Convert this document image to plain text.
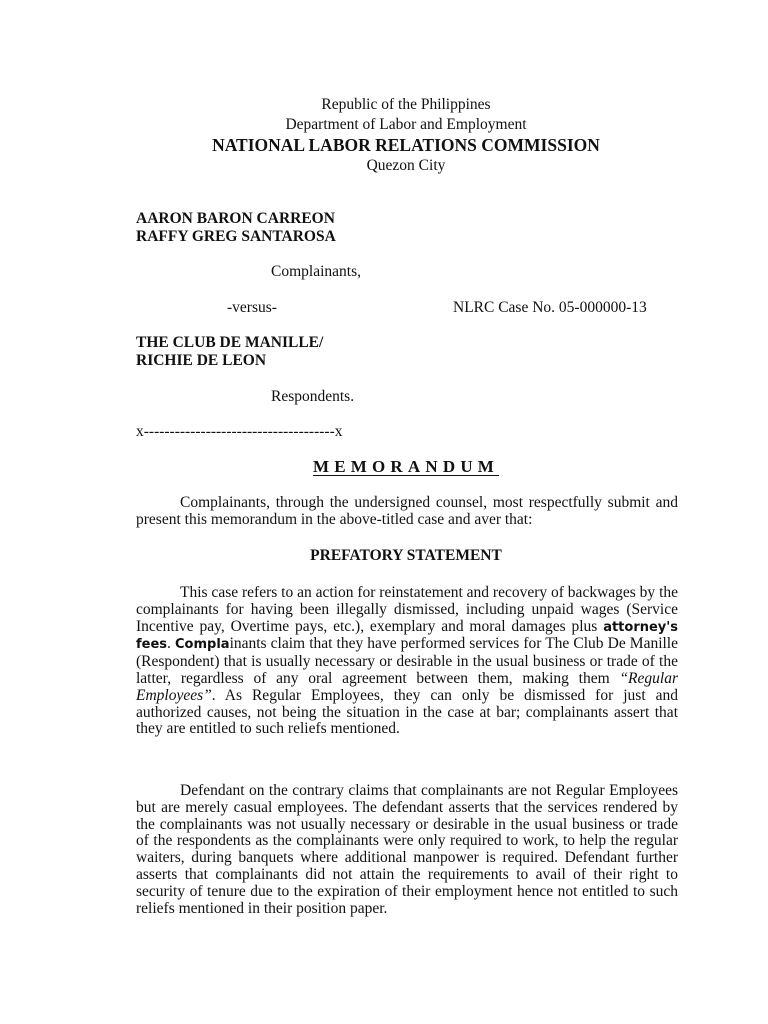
Republic of the Philippines
Department of Labor and Employment
NATIONAL LABOR RELATIONS COMMISSION
Quezon City
AARON BARON CARREON
RAFFY GREG SANTAROSA
Complainants,
-versus-	NLRC Case No. 05-000000-13
THE CLUB DE MANILLE/
RICHIE DE LEON
Respondents.
x-------------------------------------x
MEMORANDUM
Complainants, through the undersigned counsel, most respectfully submit and present this memorandum in the above-titled case and aver that:
PREFATORY STATEMENT
This case refers to an action for reinstatement and recovery of backwages by the complainants for having been illegally dismissed, including unpaid wages (Service Incentive pay, Overtime pays, etc.), exemplary and moral damages plus attorney's fees. Complainants claim that they have performed services for The Club De Manille (Respondent) that is usually necessary or desirable in the usual business or trade of the latter, regardless of any oral agreement between them, making them “Regular Employees”. As Regular Employees, they can only be dismissed for just and authorized causes, not being the situation in the case at bar; complainants assert that they are entitled to such reliefs mentioned.
Defendant on the contrary claims that complainants are not Regular Employees but are merely casual employees. The defendant asserts that the services rendered by the complainants was not usually necessary or desirable in the usual business or trade of the respondents as the complainants were only required to work, to help the regular waiters, during banquets where additional manpower is required. Defendant further asserts that complainants did not attain the requirements to avail of their right to security of tenure due to the expiration of their employment hence not entitled to such reliefs mentioned in their position paper.
